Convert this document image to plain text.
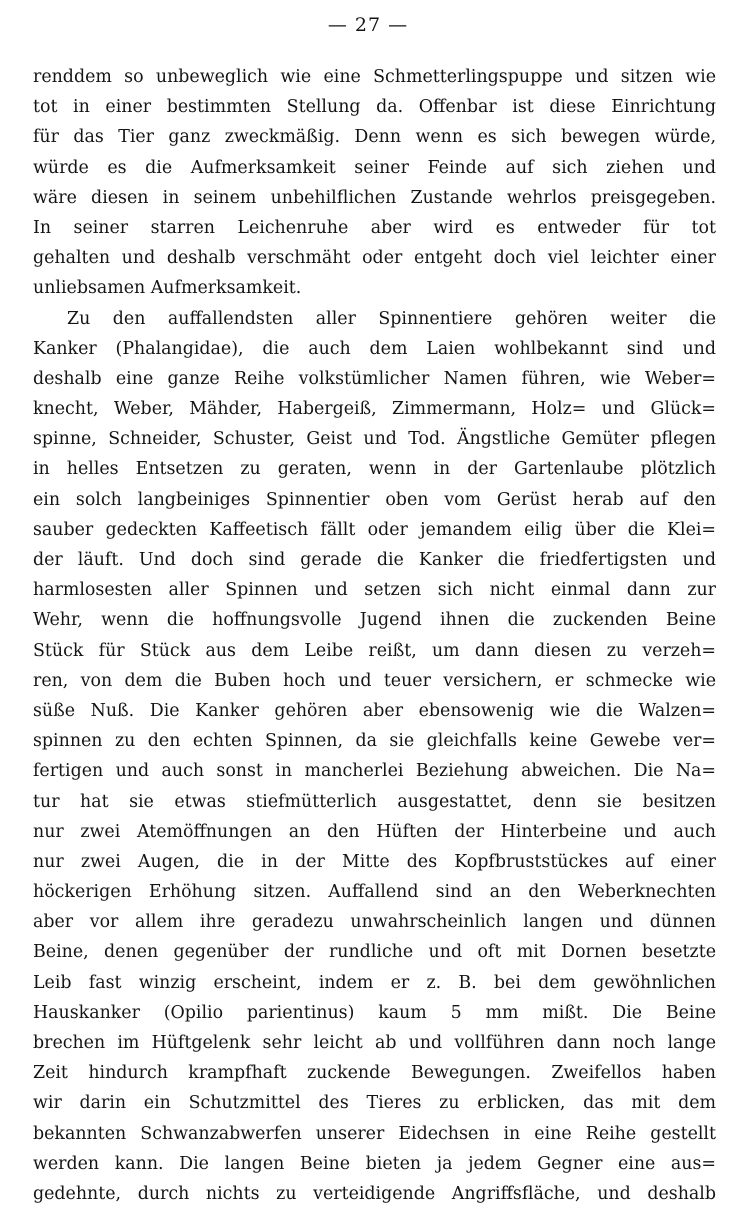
— 27 —
renddem so unbeweglich wie eine Schmetterlingspuppe und sitzen wie
tot in einer bestimmten Stellung da. Offenbar ist diese Einrichtung
für das Tier ganz zweckmäßig. Denn wenn es sich bewegen würde,
würde es die Aufmerksamkeit seiner Feinde auf sich ziehen und
wäre diesen in seinem unbehilflichen Zustande wehrlos preisgegeben.
In seiner starren Leichenruhe aber wird es entweder für tot
gehalten und deshalb verschmäht oder entgeht doch viel leichter einer
unliebsamen Aufmerksamkeit.
Zu den auffallendsten aller Spinnentiere gehören weiter die
Kanker (Phalangidae), die auch dem Laien wohlbekannt sind und
deshalb eine ganze Reihe volkstümlicher Namen führen, wie Weber=
knecht, Weber, Mähder, Habergeiß, Zimmermann, Holz= und Glück=
spinne, Schneider, Schuster, Geist und Tod. Ängstliche Gemüter pflegen
in helles Entsetzen zu geraten, wenn in der Gartenlaube plötzlich
ein solch langbeiniges Spinnentier oben vom Gerüst herab auf den
sauber gedeckten Kaffeetisch fällt oder jemandem eilig über die Klei=
der läuft. Und doch sind gerade die Kanker die friedfertigsten und
harmlosesten aller Spinnen und setzen sich nicht einmal dann zur
Wehr, wenn die hoffnungsvolle Jugend ihnen die zuckenden Beine
Stück für Stück aus dem Leibe reißt, um dann diesen zu verzeh=
ren, von dem die Buben hoch und teuer versichern, er schmecke wie
süße Nuß. Die Kanker gehören aber ebensowenig wie die Walzen=
spinnen zu den echten Spinnen, da sie gleichfalls keine Gewebe ver=
fertigen und auch sonst in mancherlei Beziehung abweichen. Die Na=
tur hat sie etwas stiefmütterlich ausgestattet, denn sie besitzen
nur zwei Atemöffnungen an den Hüften der Hinterbeine und auch
nur zwei Augen, die in der Mitte des Kopfbruststückes auf einer
höckerigen Erhöhung sitzen. Auffallend sind an den Weberknechten
aber vor allem ihre geradezu unwahrscheinlich langen und dünnen
Beine, denen gegenüber der rundliche und oft mit Dornen besetzte
Leib fast winzig erscheint, indem er z. B. bei dem gewöhnlichen
Hauskanker (Opilio parientinus) kaum 5 mm mißt. Die Beine
brechen im Hüftgelenk sehr leicht ab und vollführen dann noch lange
Zeit hindurch krampfhaft zuckende Bewegungen. Zweifellos haben
wir darin ein Schutzmittel des Tieres zu erblicken, das mit dem
bekannten Schwanzabwerfen unserer Eidechsen in eine Reihe gestellt
werden kann. Die langen Beine bieten ja jedem Gegner eine aus=
gedehnte, durch nichts zu verteidigende Angriffsfläche, und deshalb
